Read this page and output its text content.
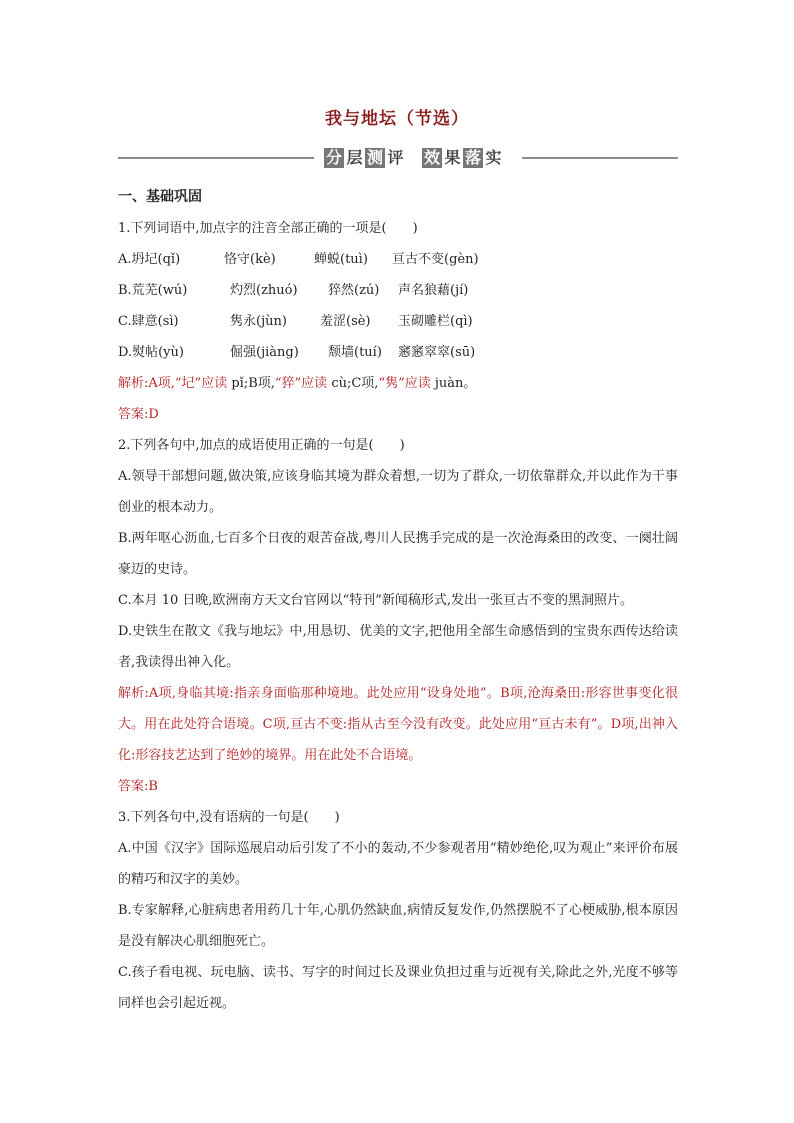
我与地坛（节选）
分 层 测 评 效 果 落 实

一、基础巩固

1.下列词语中,加点字的注音全部正确的一项是(　　)

A.坍圮(qǐ)	恪守(kè)	蝉蜕(tuì)	亘古不变(gèn)
B.荒芜(wú)	灼烈(zhuó)	猝然(zú)	声名狼藉(jí)
C.肆意(sì)	隽永(jùn)	羞涩(sè)	玉砌雕栏(qì)
D.熨帖(yù)	倔强(jiàng)	颓墙(tuí)	窸窸窣窣(sū)

解析:A项,“圮”应读 pǐ;B项,“猝”应读 cù;C项,“隽”应读 juàn。

答案:D

2.下列各句中,加点的成语使用正确的一句是(　　)

A.领导干部想问题,做决策,应该身临其境为群众着想,一切为了群众,一切依靠群众,并以此作为干事创业的根本动力。

B.两年呕心沥血,七百多个日夜的艰苦奋战,粤川人民携手完成的是一次沧海桑田的改变、一阕壮阔豪迈的史诗。

C.本月 10 日晚,欧洲南方天文台官网以“特刊”新闻稿形式,发出一张亘古不变的黑洞照片。

D.史铁生在散文《我与地坛》中,用恳切、优美的文字,把他用全部生命感悟到的宝贵东西传达给读者,我读得出神入化。

解析:A项,身临其境:指亲身面临那种境地。此处应用“设身处地”。B项,沧海桑田:形容世事变化很大。用在此处符合语境。C项,亘古不变:指从古至今没有改变。此处应用“亘古未有”。D项,出神入化:形容技艺达到了绝妙的境界。用在此处不合语境。

答案:B

3.下列各句中,没有语病的一句是(　　)

A.中国《汉字》国际巡展启动后引发了不小的轰动,不少参观者用“精妙绝伦,叹为观止”来评价布展的精巧和汉字的美妙。

B.专家解释,心脏病患者用药几十年,心肌仍然缺血,病情反复发作,仍然摆脱不了心梗威胁,根本原因是没有解决心肌细胞死亡。

C.孩子看电视、玩电脑、读书、写字的时间过长及课业负担过重与近视有关,除此之外,光度不够等同样也会引起近视。
